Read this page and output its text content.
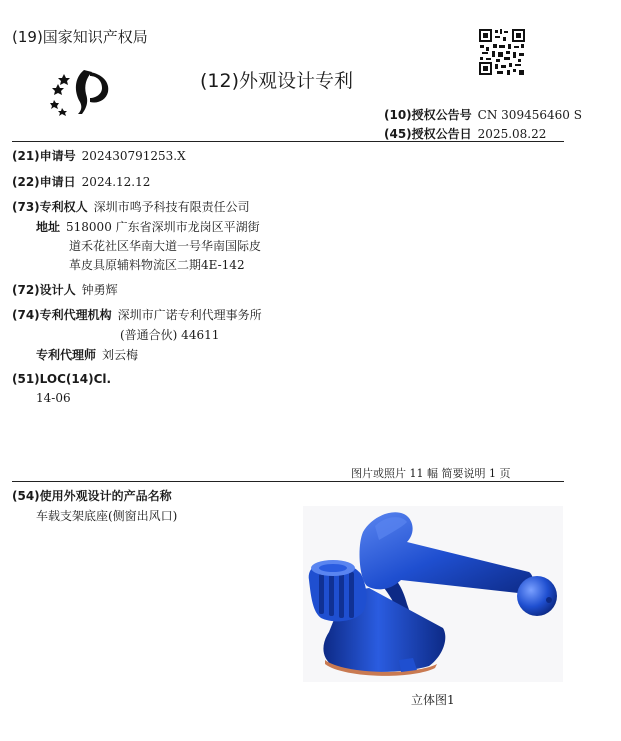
(19)国家知识产权局
(12)外观设计专利
(10)授权公告号 CN 309456460 S
(45)授权公告日 2025.08.22
(21)申请号 202430791253.X
(22)申请日 2024.12.12
(73)专利权人 深圳市鸣予科技有限责任公司
地址 518000 广东省深圳市龙岗区平湖街
道禾花社区华南大道一号华南国际皮
革皮具原辅料物流区二期4E-142
(72)设计人 钟勇辉
(74)专利代理机构 深圳市广诺专利代理事务所
(普通合伙) 44611
专利代理师 刘云梅
(51)LOC(14)Cl.
14-06
图片或照片 11 幅 简要说明 1 页
(54)使用外观设计的产品名称
车载支架底座(侧窗出风口)
立体图1
